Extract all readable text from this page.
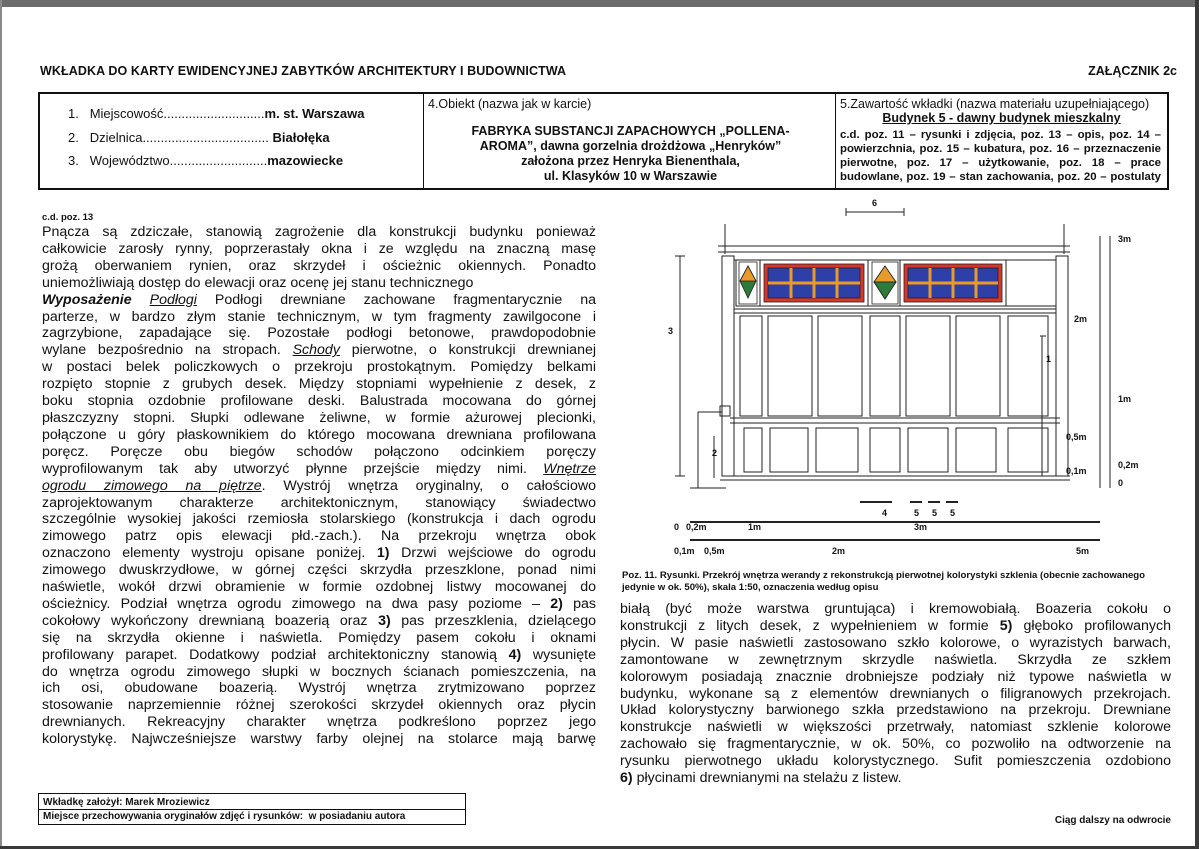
WKŁADKA DO KARTY EWIDENCYJNEJ ZABYTKÓW ARCHITEKTURY I BUDOWNICTWA	ZAŁĄCZNIK 2c
1. Miejscowość............................m. st. Warszawa
2. Dzielnica................................... Białołęka
3. Województwo...........................mazowiecke
4.Obiekt (nazwa jak w karcie)
FABRYKA SUBSTANCJI ZAPACHOWYCH „POLLENA-
AROMA”, dawna gorzelnia drożdżowa „Henryków”
założona przez Henryka Bienenthala,
ul. Klasyków 10 w Warszawie
5.Zawartość wkładki (nazwa materiału uzupełniającego)
Budynek 5 - dawny budynek mieszkalny
c.d. poz. 11 – rysunki i zdjęcia, poz. 13 – opis, poz. 14 –
powierzchnia, poz. 15 – kubatura, poz. 16 – przeznaczenie
pierwotne, poz. 17 – użytkowanie, poz. 18 – prace
budowlane, poz. 19 – stan zachowania, poz. 20 – postulaty
c.d. poz. 13
Pnącza są zdziczałe, stanowią zagrożenie dla konstrukcji budynku ponieważ
całkowicie zarosły rynny, poprzerastały okna i ze względu na znaczną masę
grożą oberwaniem rynien, oraz skrzydeł i ościeżnic okiennych. Ponadto
uniemożliwiają dostęp do elewacji oraz ocenę jej stanu technicznego
Wyposażenie Podłogi Podłogi drewniane zachowane fragmentarycznie na
parterze, w bardzo złym stanie technicznym, w tym fragmenty zawilgocone i
zagrzybione, zapadające się. Pozostałe podłogi betonowe, prawdopodobnie
wylane bezpośrednio na stropach. Schody pierwotne, o konstrukcji drewnianej
w postaci belek policzkowych o przekroju prostokątnym. Pomiędzy belkami
rozpięto stopnie z grubych desek. Między stopniami wypełnienie z desek, z
boku stopnia ozdobnie profilowane deski. Balustrada mocowana do górnej
płaszczyzny stopni. Słupki odlewane żeliwne, w formie ażurowej plecionki,
połączone u góry płaskownikiem do którego mocowana drewniana profilowana
poręcz. Poręcze obu biegów schodów połączono odcinkiem poręczy
wyprofilowanym tak aby utworzyć płynne przejście między nimi. Wnętrze
ogrodu zimowego na piętrze. Wystrój wnętrza oryginalny, o całościowo
zaprojektowanym charakterze architektonicznym, stanowiący świadectwo
szczególnie wysokiej jakości rzemiosła stolarskiego (konstrukcja i dach ogrodu
zimowego patrz opis elewacji płd.-zach.). Na przekroju wnętrza obok
oznaczono elementy wystroju opisane poniżej. 1) Drzwi wejściowe do ogrodu
zimowego dwuskrzydłowe, w górnej części skrzydła przeszklone, ponad nimi
naświetle, wokół drzwi obramienie w formie ozdobnej listwy mocowanej do
ościeżnicy. Podział wnętrza ogrodu zimowego na dwa pasy poziome – 2) pas
cokołowy wykończony drewnianą boazerią oraz 3) pas przeszklenia, dzielącego
się na skrzydła okienne i naświetla. Pomiędzy pasem cokołu i oknami
profilowany parapet. Dodatkowy podział architektoniczny stanowią 4) wysunięte
do wnętrza ogrodu zimowego słupki w bocznych ścianach pomieszczenia, na
ich osi, obudowane boazerią. Wystrój wnętrza zrytmizowano poprzez
stosowanie naprzemiennie różnej szerokości skrzydeł okiennych oraz płycin
drewnianych. Rekreacyjny charakter wnętrza podkreślono poprzez jego
kolorystykę. Najwcześniejsze warstwy farby olejnej na stolarce mają barwę
6
3
2
1
4	5 5 5
3m
2m
1m
0,5m
0,1m
0,2m
0
0 0,2m	1m	3m
0,1m 0,5m	2m	5m
Poz. 11. Rysunki. Przekrój wnętrza werandy z rekonstrukcją pierwotnej kolorystyki szklenia (obecnie zachowanego jedynie w ok. 50%), skala 1:50, oznaczenia według opisu
białą (być może warstwa gruntująca) i kremowobiałą. Boazeria cokołu o
konstrukcji z litych desek, z wypełnieniem w formie 5) głęboko profilowanych
płycin. W pasie naświetli zastosowano szkło kolorowe, o wyrazistych barwach,
zamontowane w zewnętrznym skrzydle naświetla. Skrzydła ze szkłem
kolorowym posiadają znacznie drobniejsze podziały niż typowe naświetla w
budynku, wykonane są z elementów drewnianych o filigranowych przekrojach.
Układ kolorystyczny barwionego szkła przedstawiono na przekroju. Drewniane
konstrukcje naświetli w większości przetrwały, natomiast szklenie kolorowe
zachowało się fragmentarycznie, w ok. 50%, co pozwoliło na odtworzenie na
rysunku pierwotnego układu kolorystycznego. Sufit pomieszczenia ozdobiono
6) płycinami drewnianymi na stelażu z listew.
Wkładkę założył: Marek Mroziewicz
Miejsce przechowywania oryginałów zdjęć i rysunków: w posiadaniu autora	Ciąg dalszy na odwrocie
